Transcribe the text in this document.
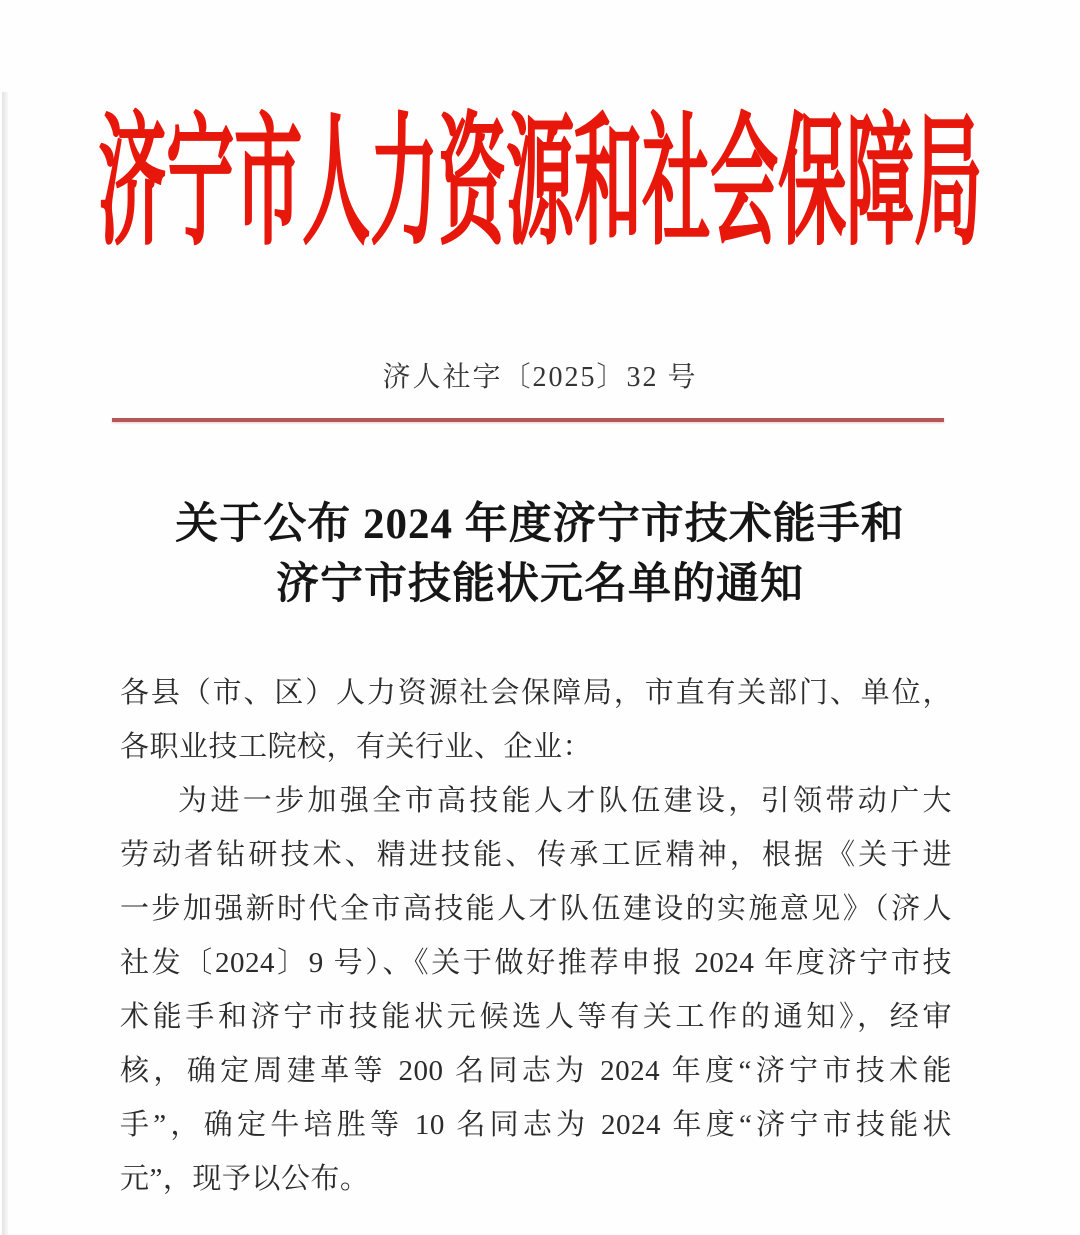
济宁市人力资源和社会保障局
济人社字〔2025〕32 号
关于公布 2024 年度济宁市技术能手和
济宁市技能状元名单的通知
各县（市、区）人力资源社会保障局，市直有关部门、单位，
各职业技工院校，有关行业、企业：
为进一步加强全市高技能人才队伍建设，引领带动广大
劳动者钻研技术、精进技能、传承工匠精神，根据《关于进
一步加强新时代全市高技能人才队伍建设的实施意见》（济人
社发〔2024〕9 号）、《关于做好推荐申报 2024 年度济宁市技
术能手和济宁市技能状元候选人等有关工作的通知》，经审
核，确定周建革等 200 名同志为 2024 年度“济宁市技术能
手”，确定牛培胜等 10 名同志为 2024 年度“济宁市技能状
元”，现予以公布。
